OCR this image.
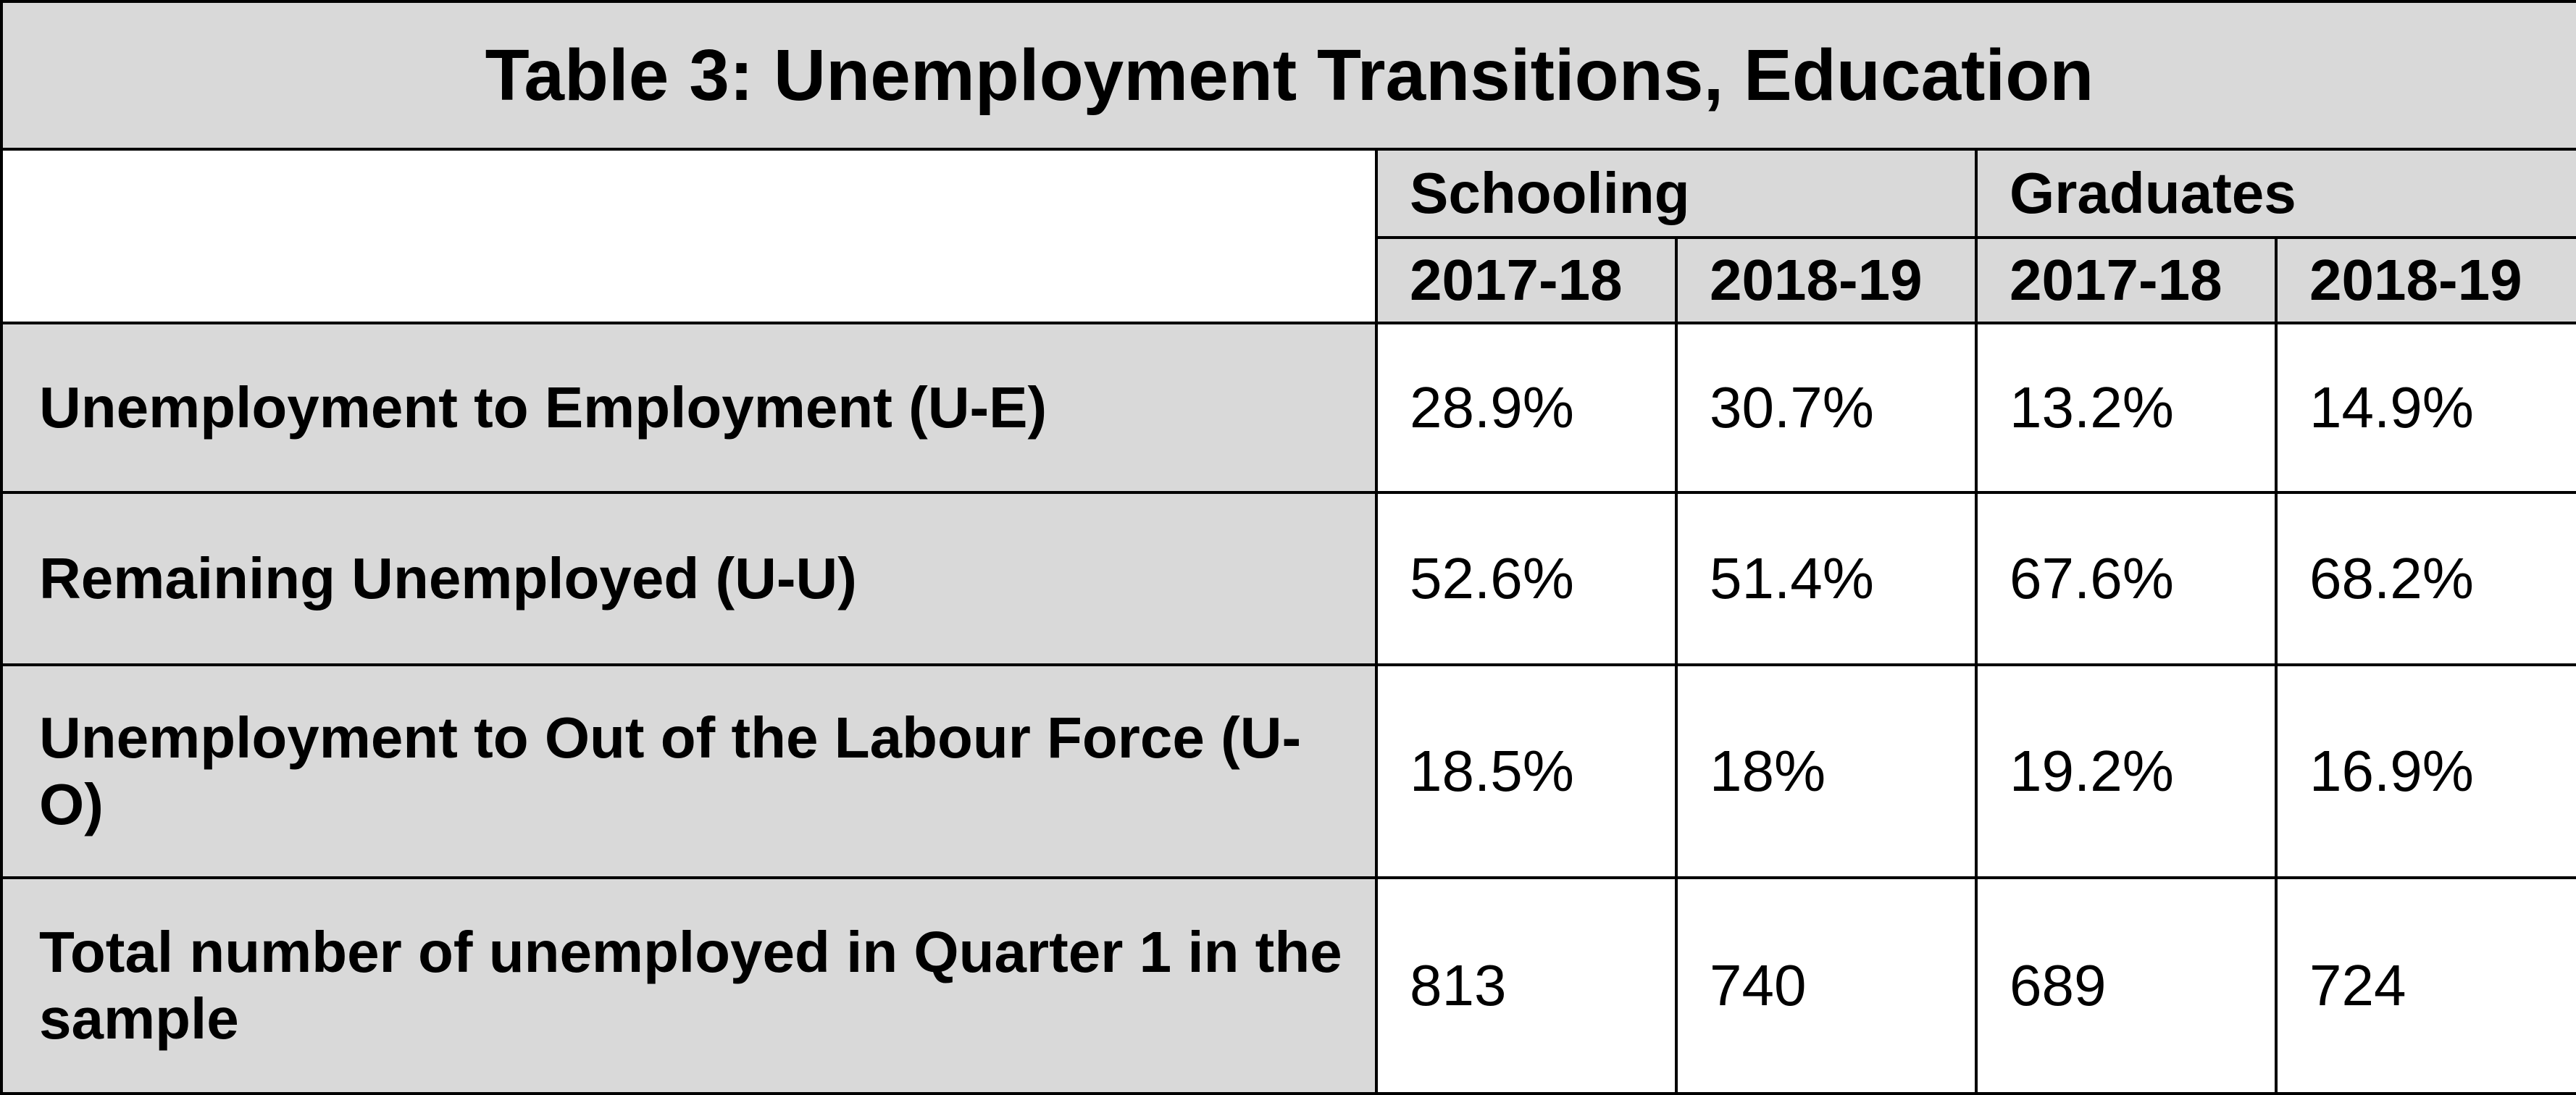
Table 3: Unemployment Transitions, Education				
	Schooling		Graduates	
	2017-18	2018-19	2017-18	2018-19
Unemployment to Employment (U-E)	28.9%	30.7%	13.2%	14.9%
Remaining Unemployed (U-U)	52.6%	51.4%	67.6%	68.2%
Unemployment to Out of the Labour Force (U-O)	18.5%	18%	19.2%	16.9%
Total number of unemployed in Quarter 1 in the sample	813	740	689	724
